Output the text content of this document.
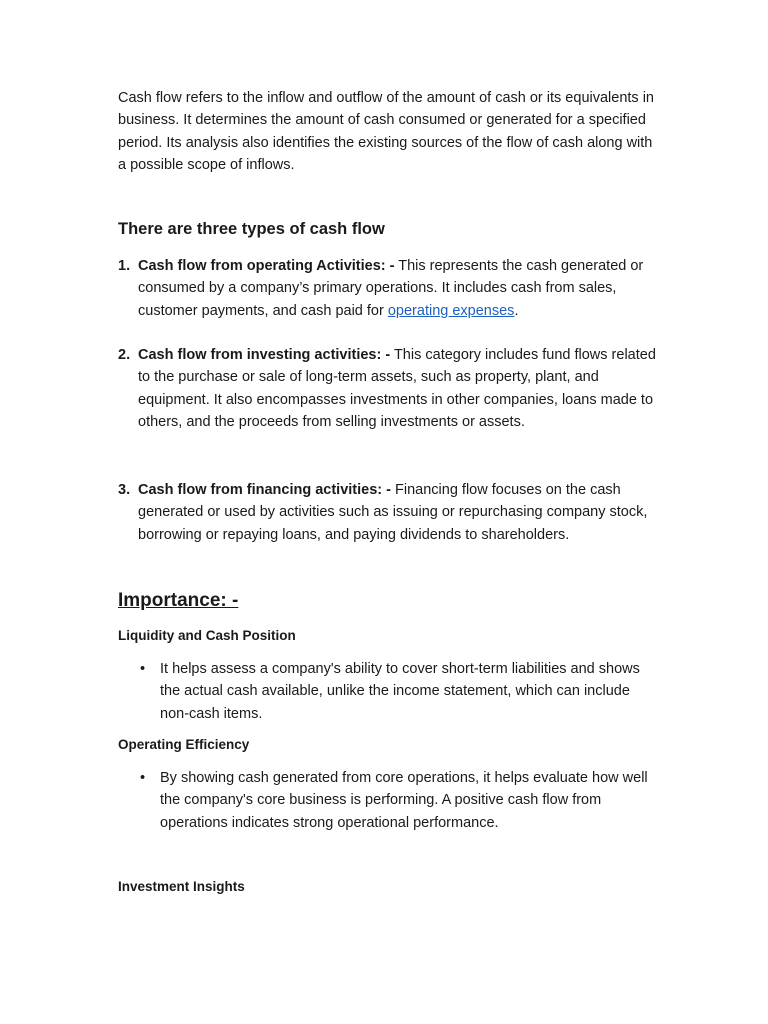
Cash flow refers to the inflow and outflow of the amount of cash or its equivalents in business. It determines the amount of cash consumed or generated for a specified period. Its analysis also identifies the existing sources of the flow of cash along with a possible scope of inflows.

There are three types of cash flow
1. Cash flow from operating Activities: - This represents the cash generated or consumed by a company’s primary operations. It includes cash from sales, customer payments, and cash paid for operating expenses.
2. Cash flow from investing activities: - This category includes fund flows related to the purchase or sale of long-term assets, such as property, plant, and equipment. It also encompasses investments in other companies, loans made to others, and the proceeds from selling investments or assets.
3. Cash flow from financing activities: - Financing flow focuses on the cash generated or used by activities such as issuing or repurchasing company stock, borrowing or repaying loans, and paying dividends to shareholders.
Importance: -
Liquidity and Cash Position
• It helps assess a company's ability to cover short-term liabilities and shows the actual cash available, unlike the income statement, which can include non-cash items.
Operating Efficiency
• By showing cash generated from core operations, it helps evaluate how well the company's core business is performing. A positive cash flow from operations indicates strong operational performance.
Investment Insights
